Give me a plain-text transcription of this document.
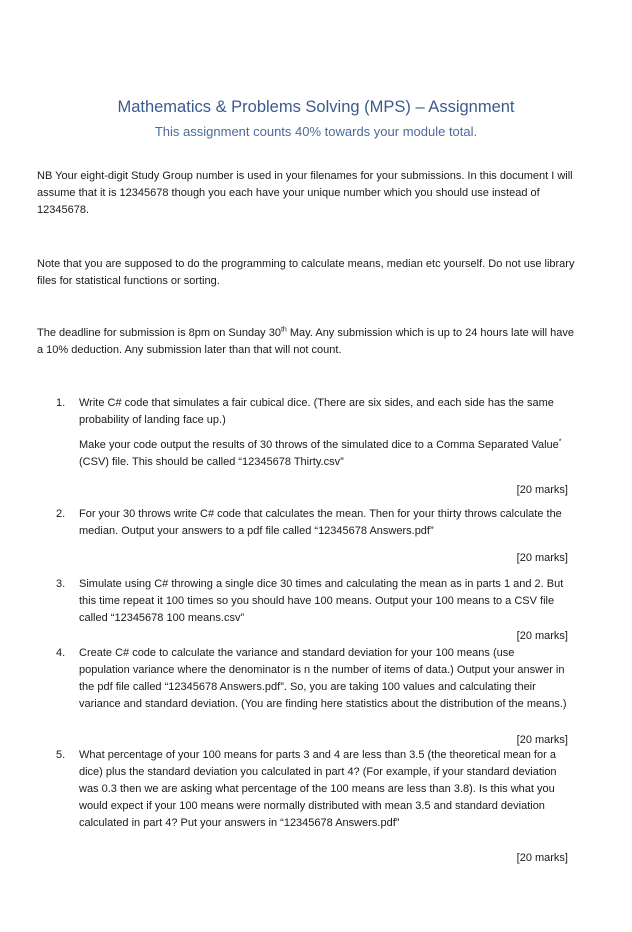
Mathematics & Problems Solving (MPS) – Assignment
This assignment counts 40% towards your module total.
NB Your eight-digit Study Group number is used in your filenames for your submissions. In this document I will assume that it is 12345678 though you each have your unique number which you should use instead of 12345678.
Note that you are supposed to do the programming to calculate means, median etc yourself. Do not use library files for statistical functions or sorting.
The deadline for submission is 8pm on Sunday 30th May. Any submission which is up to 24 hours late will have a 10% deduction. Any submission later than that will not count.
1.	Write C# code that simulates a fair cubical dice. (There are six sides, and each side has the same probability of landing face up.)
Make your code output the results of 30 throws of the simulated dice to a Comma Separated Value* (CSV) file. This should be called “12345678 Thirty.csv”
[20 marks]
2.	For your 30 throws write C# code that calculates the mean. Then for your thirty throws calculate the median. Output your answers to a pdf file called “12345678 Answers.pdf”
[20 marks]
3.	Simulate using C# throwing a single dice 30 times and calculating the mean as in parts 1 and 2. But this time repeat it 100 times so you should have 100 means. Output your 100 means to a CSV file called “12345678 100 means.csv”
[20 marks]
4.	Create C# code to calculate the variance and standard deviation for your 100 means (use population variance where the denominator is n the number of items of data.) Output your answer in the pdf file called “12345678 Answers.pdf”. So, you are taking 100 values and calculating their variance and standard deviation. (You are finding here statistics about the distribution of the means.)
[20 marks]
5.	What percentage of your 100 means for parts 3 and 4 are less than 3.5 (the theoretical mean for a dice) plus the standard deviation you calculated in part 4? (For example, if your standard deviation was 0.3 then we are asking what percentage of the 100 means are less than 3.8). Is this what you would expect if your 100 means were normally distributed with mean 3.5 and standard deviation calculated in part 4? Put your answers in “12345678 Answers.pdf”
[20 marks]
